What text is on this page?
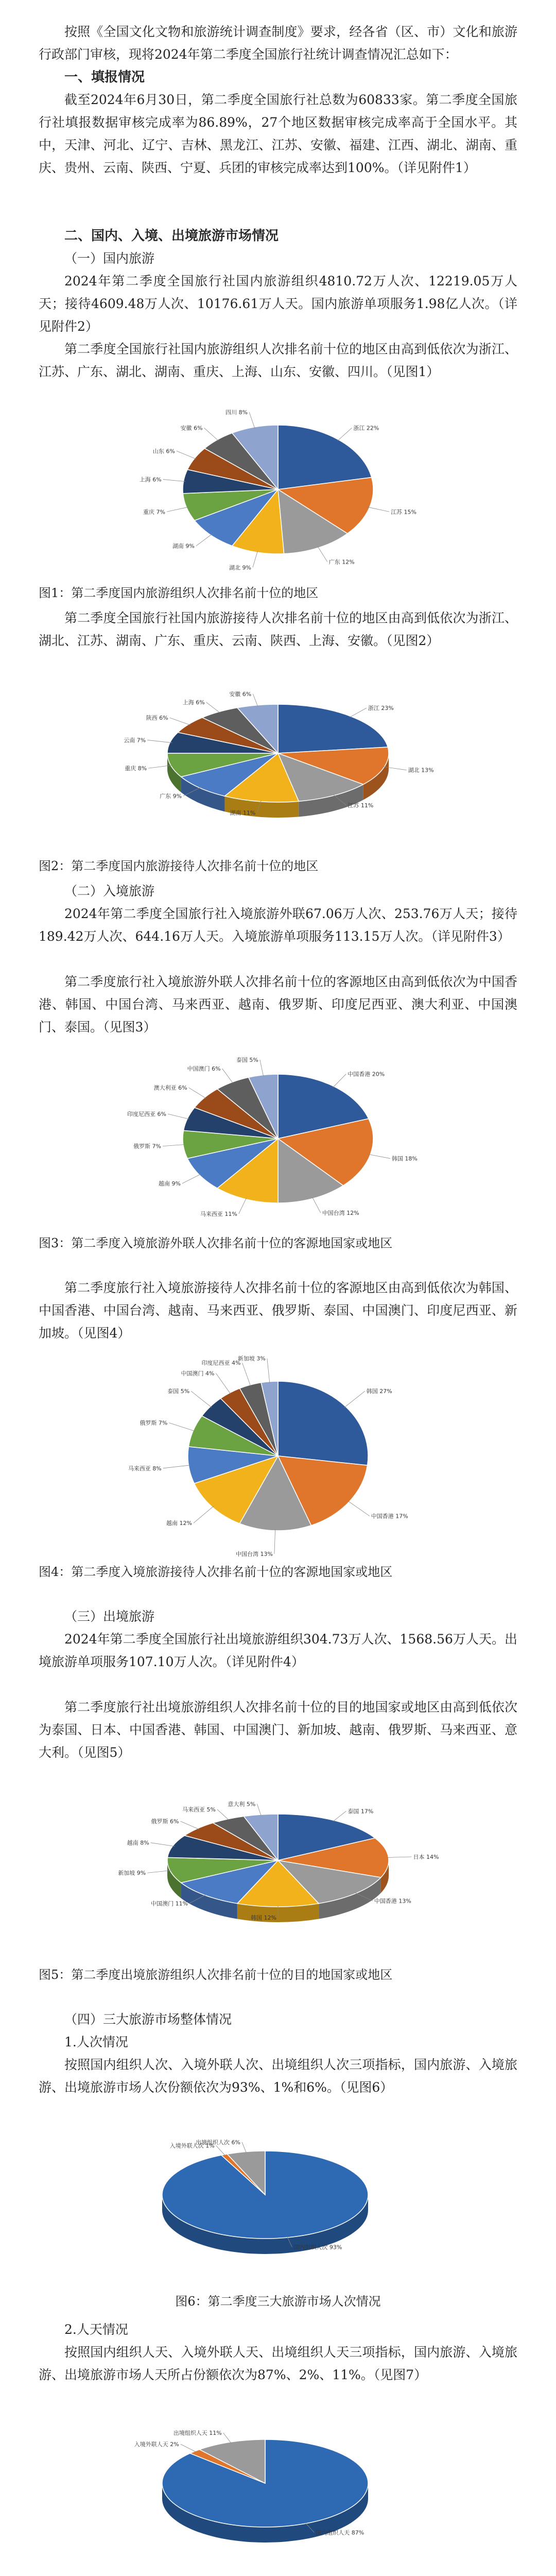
按照《全国文化文物和旅游统计调查制度》要求，经各省（区、市）文化和旅游行政部门审核，现将2024年第二季度全国旅行社统计调查情况汇总如下：

一、填报情况

截至2024年6月30日，第二季度全国旅行社总数为60833家。第二季度全国旅行社填报数据审核完成率为86.89%，27个地区数据审核完成率高于全国水平。其中，天津、河北、辽宁、吉林、黑龙江、江苏、安徽、福建、江西、湖北、湖南、重庆、贵州、云南、陕西、宁夏、兵团的审核完成率达到100%。（详见附件1）

二、国内、入境、出境旅游市场情况

（一）国内旅游

2024年第二季度全国旅行社国内旅游组织4810.72万人次、12219.05万人天；接待4609.48万人次、10176.61万人天。国内旅游单项服务1.98亿人次。（详见附件2）

第二季度全国旅行社国内旅游组织人次排名前十位的地区由高到低依次为浙江、江苏、广东、湖北、湖南、重庆、上海、山东、安徽、四川。（见图1）

浙江 22%
江苏 15%
广东 12%
湖北 9%
湖南 9%
重庆 7%
上海 6%
山东 6%
安徽 6%
四川 8%

图1：第二季度国内旅游组织人次排名前十位的地区

第二季度全国旅行社国内旅游接待人次排名前十位的地区由高到低依次为浙江、湖北、江苏、湖南、广东、重庆、云南、陕西、上海、安徽。（见图2）

浙江 23%
湖北 13%
江苏 11%
湖南 11%
广东 9%
重庆 8%
云南 7%
陕西 6%
上海 6%
安徽 6%

图2：第二季度国内旅游接待人次排名前十位的地区

（二）入境旅游

2024年第二季度全国旅行社入境旅游外联67.06万人次、253.76万人天；接待189.42万人次、644.16万人天。入境旅游单项服务113.15万人次。（详见附件3）

第二季度旅行社入境旅游外联人次排名前十位的客源地区由高到低依次为中国香港、韩国、中国台湾、马来西亚、越南、俄罗斯、印度尼西亚、澳大利亚、中国澳门、泰国。（见图3）

中国香港 20%
韩国 18%
中国台湾 12%
马来西亚 11%
越南 9%
俄罗斯 7%
印度尼西亚 6%
澳大利亚 6%
中国澳门 6%
泰国 5%

图3：第二季度入境旅游外联人次排名前十位的客源地国家或地区

第二季度旅行社入境旅游接待人次排名前十位的客源地区由高到低依次为韩国、中国香港、中国台湾、越南、马来西亚、俄罗斯、泰国、中国澳门、印度尼西亚、新加坡。（见图4）

韩国 27%
中国香港 17%
中国台湾 13%
越南 12%
马来西亚 8%
俄罗斯 7%
泰国 5%
中国澳门 4%
印度尼西亚 4%
新加坡 3%

图4：第二季度入境旅游接待人次排名前十位的客源地国家或地区

（三）出境旅游

2024年第二季度全国旅行社出境旅游组织304.73万人次、1568.56万人天。出境旅游单项服务107.10万人次。（详见附件4）

第二季度旅行社出境旅游组织人次排名前十位的目的地国家或地区由高到低依次为泰国、日本、中国香港、韩国、中国澳门、新加坡、越南、俄罗斯、马来西亚、意大利。（见图5）

泰国 17%
日本 14%
中国香港 13%
韩国 12%
中国澳门 11%
新加坡 9%
越南 8%
俄罗斯 6%
马来西亚 5%
意大利 5%

图5：第二季度出境旅游组织人次排名前十位的目的地国家或地区

（四）三大旅游市场整体情况

1.人次情况

按照国内组织人次、入境外联人次、出境组织人次三项指标，国内旅游、入境旅游、出境旅游市场人次份额依次为93%、1%和6%。（见图6）

国内组织人次 93%
入境外联人次 1%
出境组织人次 6%

图6：第二季度三大旅游市场人次情况

2.人天情况

按照国内组织人天、入境外联人天、出境组织人天三项指标，国内旅游、入境旅游、出境旅游市场人天所占份额依次为87%、2%、11%。（见图7）

国内组织人天 87%
入境外联人天 2%
出境组织人天 11%
